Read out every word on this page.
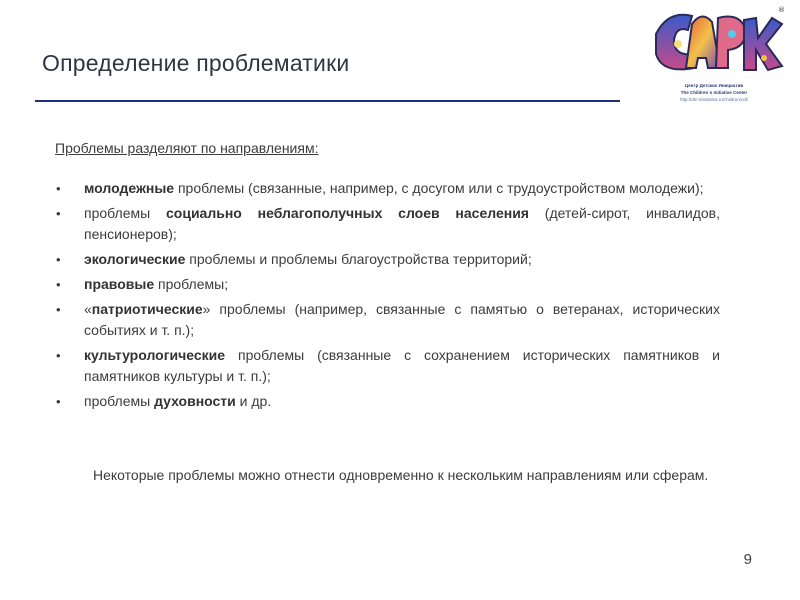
Определение проблематики
®
Центр Детских Инициатив
The Children`s Initiative Center
http://dm-initsiativa.ru/children/cdi/
Проблемы разделяют по направлениям:
• молодежные проблемы (связанные, например, с досугом или с трудоустройством молодежи);
• проблемы социально неблагополучных слоев населения (детей-сирот, инвалидов, пенсионеров);
• экологические проблемы и проблемы благоустройства территорий;
• правовые проблемы;
• «патриотические» проблемы (например, связанные с памятью о ветеранах, исторических событиях и т. п.);
• культурологические проблемы (связанные с сохранением исторических памятников и памятников культуры и т. п.);
• проблемы духовности и др.
Некоторые проблемы можно отнести одновременно к нескольким направлениям или сферам.
9
